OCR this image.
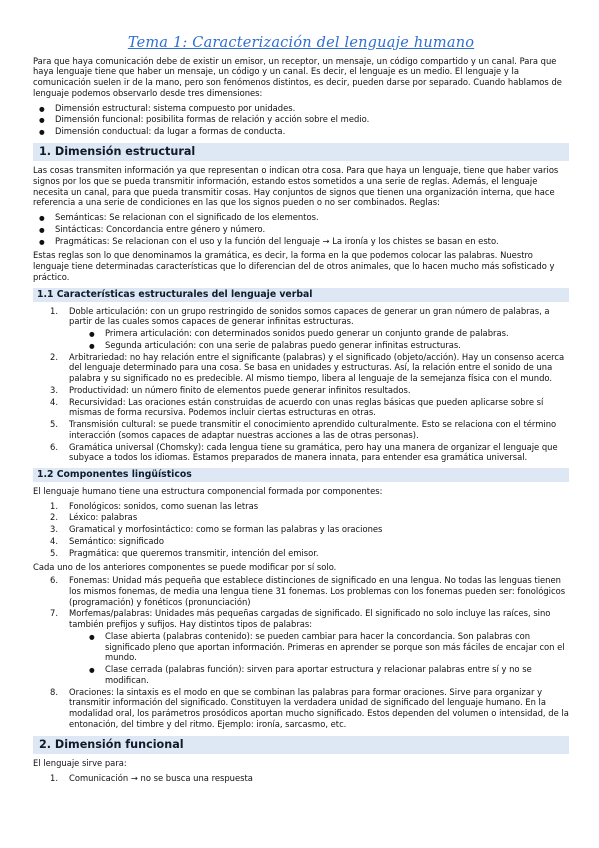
Tema 1: Caracterización del lenguaje humano

Para que haya comunicación debe de existir un emisor, un receptor, un mensaje, un código compartido y un canal. Para que haya lenguaje tiene que haber un mensaje, un código y un canal. Es decir, el lenguaje es un medio. El lenguaje y la comunicación suelen ir de la mano, pero son fenómenos distintos, es decir, pueden darse por separado. Cuando hablamos de lenguaje podemos observarlo desde tres dimensiones:

● Dimensión estructural: sistema compuesto por unidades.
● Dimensión funcional: posibilita formas de relación y acción sobre el medio.
● Dimensión conductual: da lugar a formas de conducta.
1. Dimensión estructural

Las cosas transmiten información ya que representan o indican otra cosa. Para que haya un lenguaje, tiene que haber varios signos por los que se pueda transmitir información, estando estos sometidos a una serie de reglas. Además, el lenguaje necesita un canal, para que pueda transmitir cosas. Hay conjuntos de signos que tienen una organización interna, que hace referencia a una serie de condiciones en las que los signos pueden o no ser combinados. Reglas:

● Semánticas: Se relacionan con el significado de los elementos.
● Sintácticas: Concordancia entre género y número.
● Pragmáticas: Se relacionan con el uso y la función del lenguaje → La ironía y los chistes se basan en esto.

Estas reglas son lo que denominamos la gramática, es decir, la forma en la que podemos colocar las palabras. Nuestro lenguaje tiene determinadas características que lo diferencian del de otros animales, que lo hacen mucho más sofisticado y práctico.

1.1 Características estructurales del lenguaje verbal
1. Doble articulación: con un grupo restringido de sonidos somos capaces de generar un gran número de palabras, a partir de las cuales somos capaces de generar infinitas estructuras.
● Primera articulación: con determinados sonidos puedo generar un conjunto grande de palabras.
● Segunda articulación: con una serie de palabras puedo generar infinitas estructuras.
2. Arbitrariedad: no hay relación entre el significante (palabras) y el significado (objeto/acción). Hay un consenso acerca del lenguaje determinado para una cosa. Se basa en unidades y estructuras. Así, la relación entre el sonido de una palabra y su significado no es predecible. Al mismo tiempo, libera al lenguaje de la semejanza física con el mundo.
3. Productividad: un número finito de elementos puede generar infinitos resultados.
4. Recursividad: Las oraciones están construidas de acuerdo con unas reglas básicas que pueden aplicarse sobre sí mismas de forma recursiva. Podemos incluir ciertas estructuras en otras.
5. Transmisión cultural: se puede transmitir el conocimiento aprendido culturalmente. Esto se relaciona con el término interacción (somos capaces de adaptar nuestras acciones a las de otras personas).
6. Gramática universal (Chomsky): cada lengua tiene su gramática, pero hay una manera de organizar el lenguaje que subyace a todos los idiomas. Estamos preparados de manera innata, para entender esa gramática universal.
1.2 Componentes lingüísticos

El lenguaje humano tiene una estructura componencial formada por componentes:

1. Fonológicos: sonidos, como suenan las letras
2. Léxico: palabras
3. Gramatical y morfosintáctico: como se forman las palabras y las oraciones
4. Semántico: significado
5. Pragmática: que queremos transmitir, intención del emisor.

Cada uno de los anteriores componentes se puede modificar por sí solo.

6. Fonemas: Unidad más pequeña que establece distinciones de significado en una lengua. No todas las lenguas tienen los mismos fonemas, de media una lengua tiene 31 fonemas. Los problemas con los fonemas pueden ser: fonológicos (programación) y fonéticos (pronunciación)
7. Morfemas/palabras: Unidades más pequeñas cargadas de significado. El significado no solo incluye las raíces, sino también prefijos y sufijos. Hay distintos tipos de palabras:
● Clase abierta (palabras contenido): se pueden cambiar para hacer la concordancia. Son palabras con significado pleno que aportan información. Primeras en aprender se porque son más fáciles de encajar con el mundo.
● Clase cerrada (palabras función): sirven para aportar estructura y relacionar palabras entre sí y no se modifican.
8. Oraciones: la sintaxis es el modo en que se combinan las palabras para formar oraciones. Sirve para organizar y transmitir información del significado. Constituyen la verdadera unidad de significado del lenguaje humano. En la modalidad oral, los parámetros prosódicos aportan mucho significado. Estos dependen del volumen o intensidad, de la entonación, del timbre y del ritmo. Ejemplo: ironía, sarcasmo, etc.
2. Dimensión funcional

El lenguaje sirve para:

1. Comunicación → no se busca una respuesta
